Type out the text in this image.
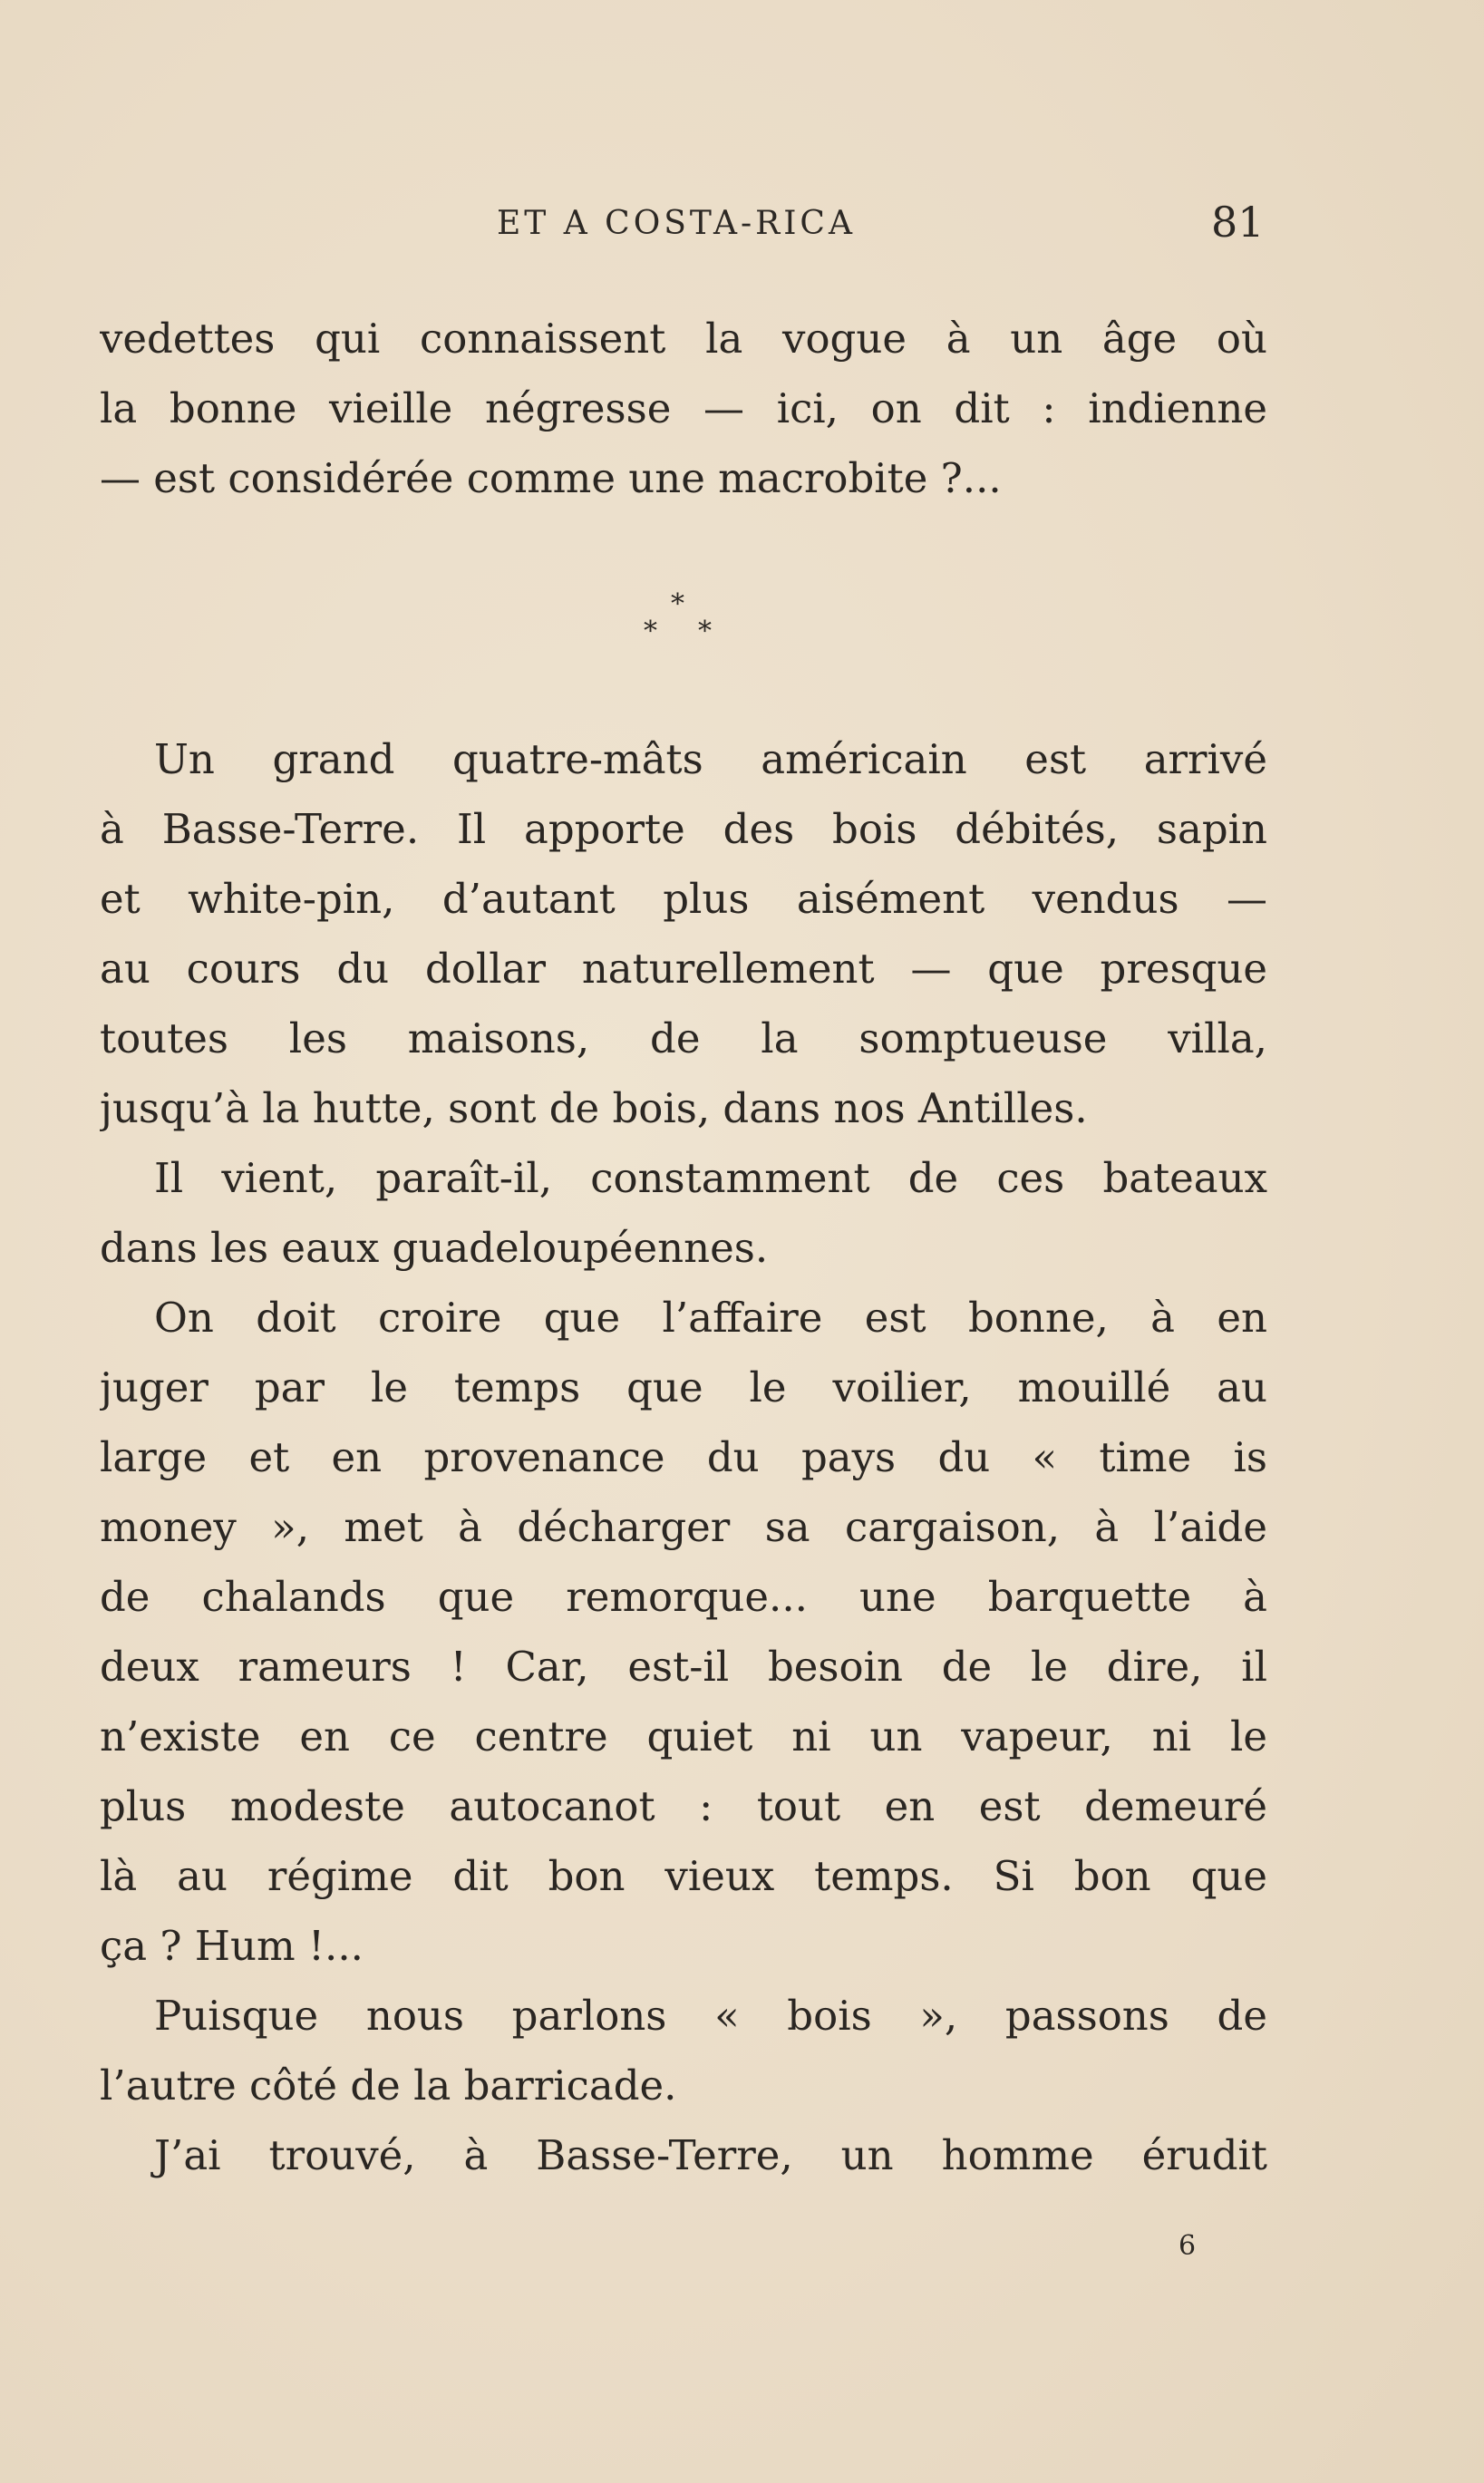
ET A COSTA-RICA	81
vedettes qui connaissent la vogue à un âge où
la bonne vieille négresse — ici, on dit : indienne
— est considérée comme une macrobite ?...
*
* *
Un grand quatre-mâts américain est arrivé
à Basse-Terre. Il apporte des bois débités, sapin
et white-pin, d’autant plus aisément vendus —
au cours du dollar naturellement — que presque
toutes les maisons, de la somptueuse villa,
jusqu’à la hutte, sont de bois, dans nos Antilles.
Il vient, paraît-il, constamment de ces bateaux
dans les eaux guadeloupéennes.
On doit croire que l’affaire est bonne, à en
juger par le temps que le voilier, mouillé au
large et en provenance du pays du « time is
money », met à décharger sa cargaison, à l’aide
de chalands que remorque... une barquette à
deux rameurs ! Car, est-il besoin de le dire, il
n’existe en ce centre quiet ni un vapeur, ni le
plus modeste autocanot : tout en est demeuré
là au régime dit bon vieux temps. Si bon que
ça ? Hum !...
Puisque nous parlons « bois », passons de
l’autre côté de la barricade.
J’ai trouvé, à Basse-Terre, un homme érudit
6
